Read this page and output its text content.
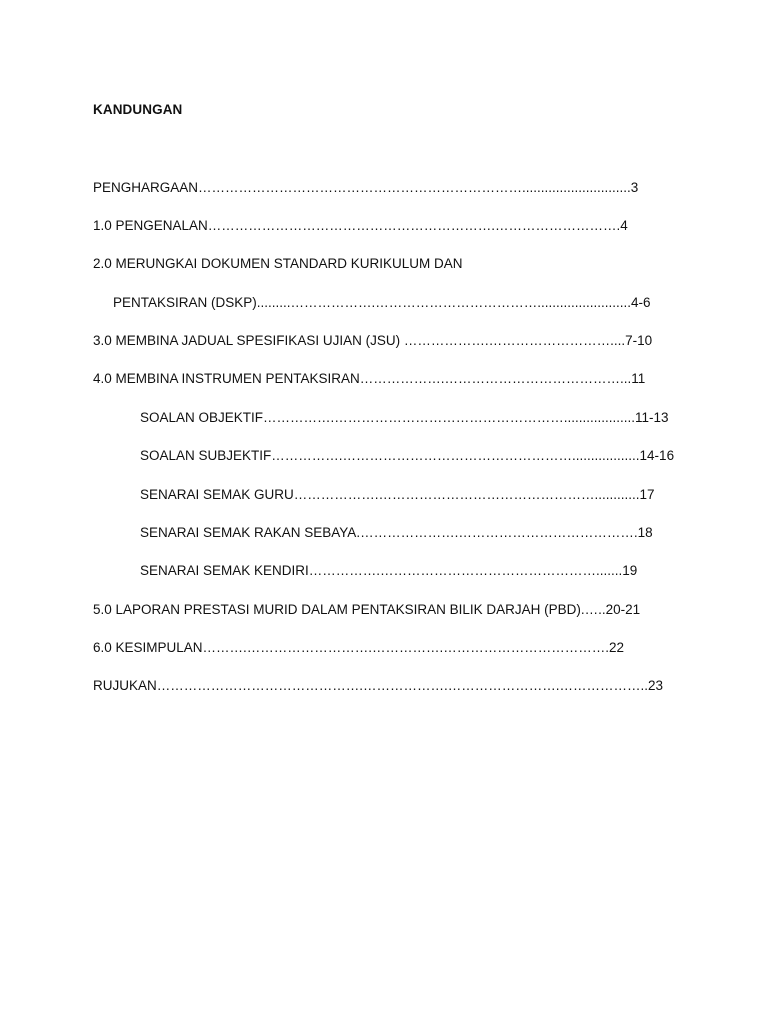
KANDUNGAN
PENGHARGAAN……………………………………………………………….............................3
1.0 PENGENALAN……………………………………………………….……………………….4
2.0 MERUNGKAI DOKUMEN STANDARD KURIKULUM DAN
PENTAKSIRAN (DSKP).........……………….……………………………….........................4-6
3.0 MEMBINA JADUAL SPESIFIKASI UJIAN (JSU) ……………….………………………....7-10
4.0 MEMBINA INSTRUMEN PENTAKSIRAN……………….…………………………………...11
SOALAN OBJEKTIF…………….……………………………………………...................11-13
SOALAN SUBJEKTIF…………….……………………………………………..................14-16
SENARAI SEMAK GURU……………….…………………………………………............17
SENARAI SEMAK RAKAN SEBAYA.………………….………………………………….18
SENARAI SEMAK KENDIRI…………….………………………………………….......19
5.0 LAPORAN PRESTASI MURID DALAM PENTAKSIRAN BILIK DARJAH (PBD).…..20-21
6.0 KESIMPULAN……….……………………….…………….……………………………….22
RUJUKAN……………………………………….……………….…………………….………………..23
